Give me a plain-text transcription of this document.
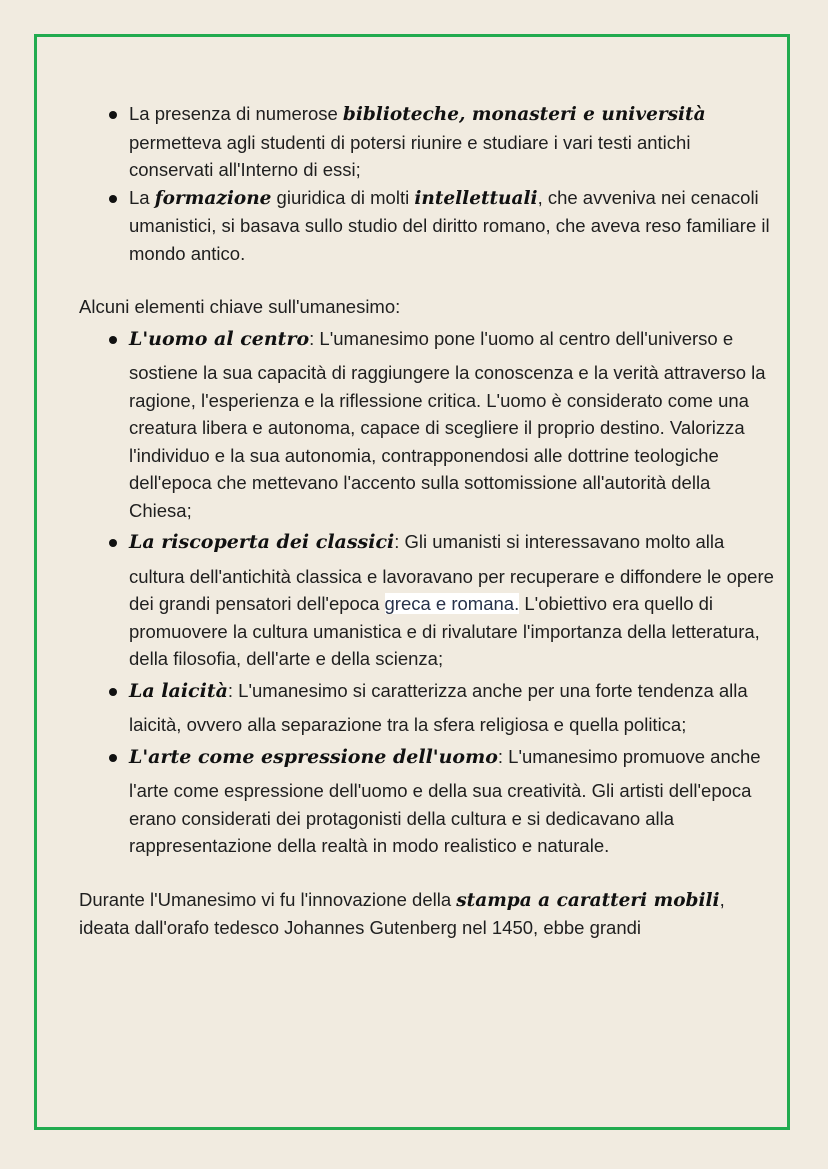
La presenza di numerose biblioteche, monasteri e università permetteva agli studenti di potersi riunire e studiare i vari testi antichi conservati all'Interno di essi;
La formazione giuridica di molti intellettuali, che avveniva nei cenacoli umanistici, si basava sullo studio del diritto romano, che aveva reso familiare il mondo antico.

Alcuni elementi chiave sull'umanesimo:

L'uomo al centro: L'umanesimo pone l'uomo al centro dell'universo e sostiene la sua capacità di raggiungere la conoscenza e la verità attraverso la ragione, l'esperienza e la riflessione critica. L'uomo è considerato come una creatura libera e autonoma, capace di scegliere il proprio destino. Valorizza l'individuo e la sua autonomia, contrapponendosi alle dottrine teologiche dell'epoca che mettevano l'accento sulla sottomissione all'autorità della Chiesa;
La riscoperta dei classici: Gli umanisti si interessavano molto alla cultura dell'antichità classica e lavoravano per recuperare e diffondere le opere dei grandi pensatori dell'epoca greca e romana. L'obiettivo era quello di promuovere la cultura umanistica e di rivalutare l'importanza della letteratura, della filosofia, dell'arte e della scienza;
La laicità: L'umanesimo si caratterizza anche per una forte tendenza alla laicità, ovvero alla separazione tra la sfera religiosa e quella politica;
L'arte come espressione dell'uomo: L'umanesimo promuove anche l'arte come espressione dell'uomo e della sua creatività. Gli artisti dell'epoca erano considerati dei protagonisti della cultura e si dedicavano alla rappresentazione della realtà in modo realistico e naturale.

Durante l'Umanesimo vi fu l'innovazione della stampa a caratteri mobili, ideata dall'orafo tedesco Johannes Gutenberg nel 1450, ebbe grandi
